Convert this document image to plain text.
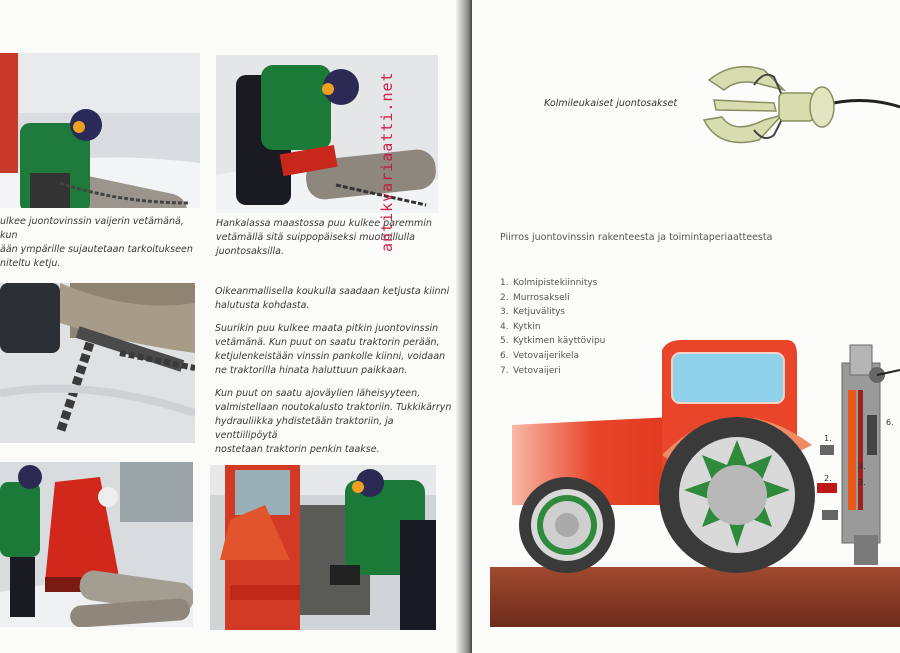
ulkee juontovinssin vaijerin vetämänä, kun
ään ympärille sujautetaan tarkoitukseen
niteltu ketju.
Hankalassa maastossa puu kulkee paremmin
vetämällä sitä suippopäiseksi muotoillulla
juontosaksilla.

Oikeanmallisella koukulla saadaan ketjusta kiinni
halutusta kohdasta.

Suurikin puu kulkee maata pitkin juontovinssin
vetämänä. Kun puut on saatu traktorin perään,
ketjulenkeistään vinssin pankolle kiinni, voidaan
ne traktorilla hinata haluttuun paikkaan.

Kun puut on saatu ajoväylien läheisyyteen,
valmistellaan noutokalusto traktoriin. Tukkikärryn
hydrauliikka yhdistetään traktoriin, ja venttiilipöytä
nostetaan traktorin penkin taakse.

antikvariaatti.net	Kolmileukaiset juontosakset
Piirros juontovinssin rakenteesta ja toimintaperiaatteesta
1. Kolmipistekiinnitys
2. Murrosakseli
3. Ketjuvälitys
4. Kytkin
5. Kytkimen käyttövipu
6. Vetovaijerikela
7. Vetovaijeri
1.
2.	3.
4.
6.
